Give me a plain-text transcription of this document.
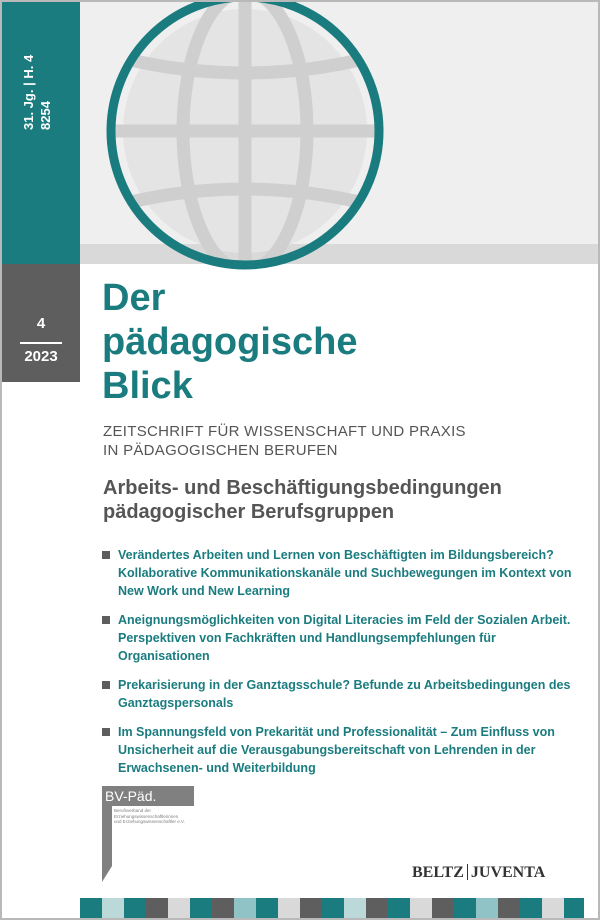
31. Jg. | H. 4 8254
4
2023
Der
pädagogische
Blick
ZEITSCHRIFT FÜR WISSENSCHAFT UND PRAXIS
IN PÄDAGOGISCHEN BERUFEN
Arbeits- und Beschäftigungsbedingungen
pädagogischer Berufsgruppen
Verändertes Arbeiten und Lernen von Beschäftigten im Bildungsbereich? Kollaborative Kommunikationskanäle und Suchbewegungen im Kontext von New Work und New Learning
Aneignungsmöglichkeiten von Digital Literacies im Feld der Sozialen Arbeit. Perspektiven von Fachkräften und Handlungsempfehlungen für Organisationen
Prekarisierung in der Ganztagsschule? Befunde zu Arbeitsbedingungen des Ganztagspersonals
Im Spannungsfeld von Prekarität und Professionalität – Zum Einfluss von Unsicherheit auf die Verausgabungsbereitschaft von Lehrenden in der Erwachsenen- und Weiterbildung
BV-Päd.
Berufsverband der
Erziehungswissenschaftlerinnen
und Erziehungswissenschaftler e.V.
BELTZ JUVENTA
